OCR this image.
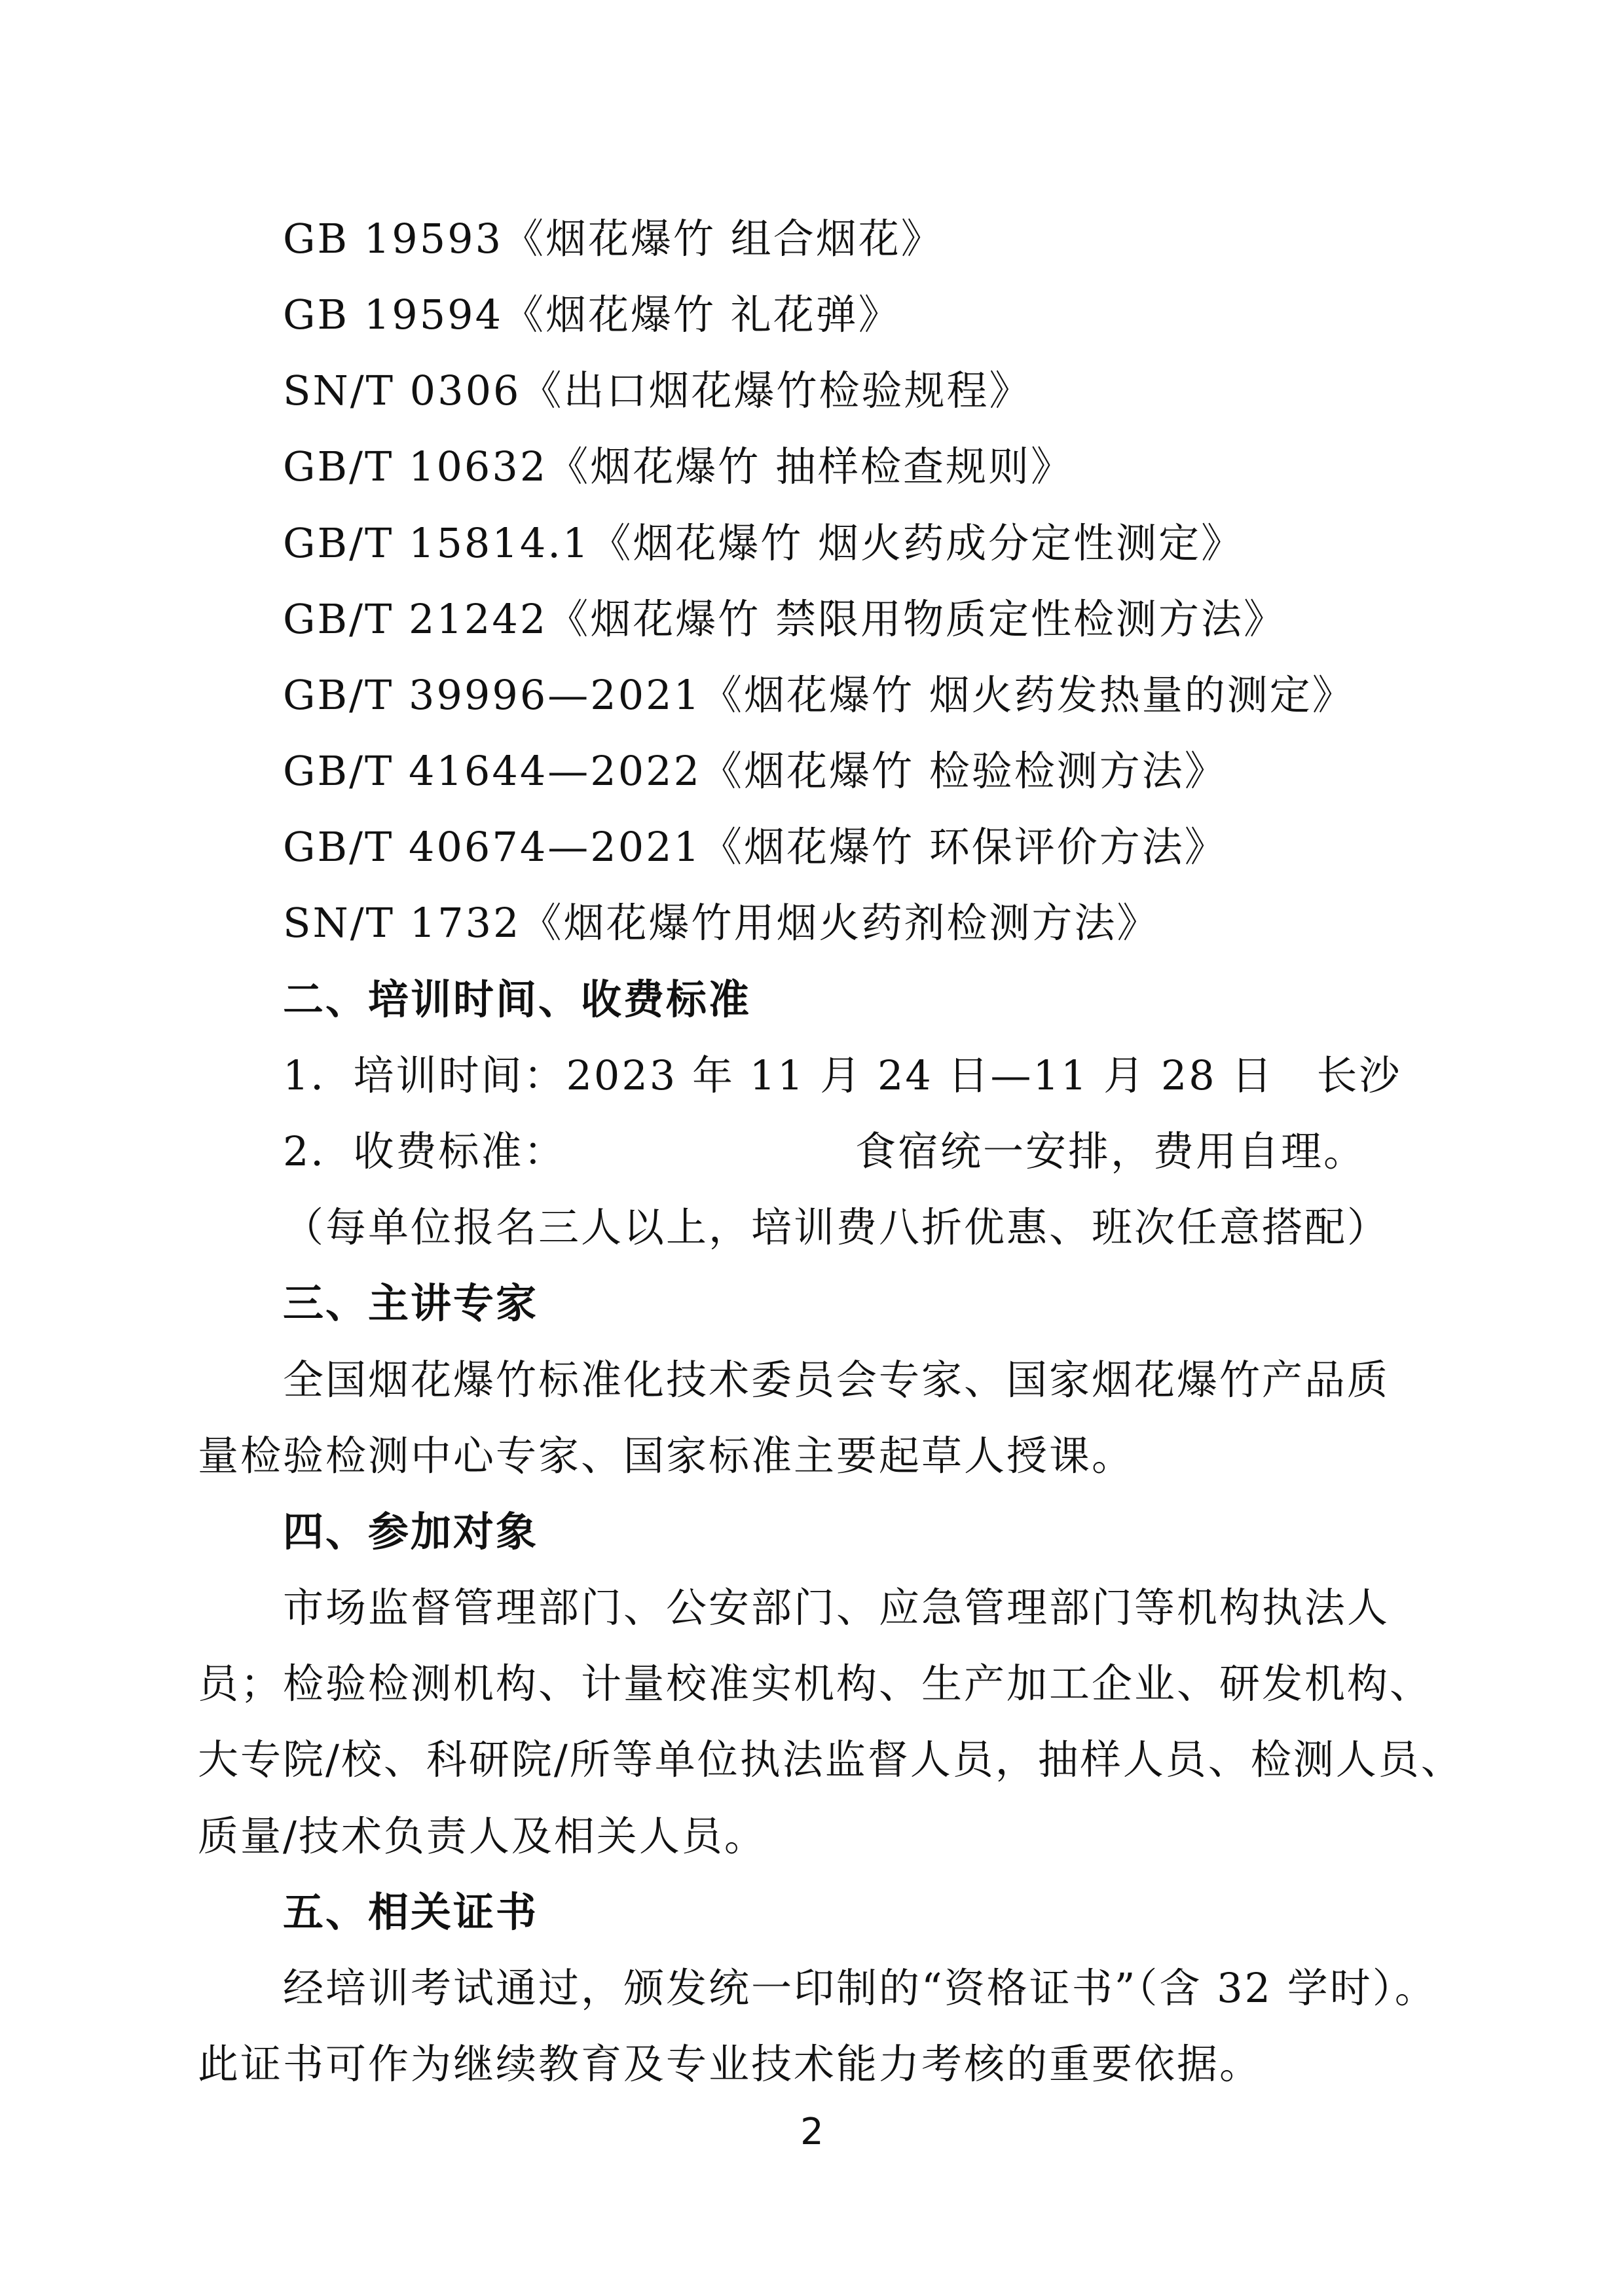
GB 19593《烟花爆竹 组合烟花》
GB 19594《烟花爆竹 礼花弹》
SN/T 0306《出口烟花爆竹检验规程》
GB/T 10632《烟花爆竹 抽样检查规则》
GB/T 15814.1《烟花爆竹 烟火药成分定性测定》
GB/T 21242《烟花爆竹 禁限用物质定性检测方法》
GB/T 39996—2021《烟花爆竹 烟火药发热量的测定》
GB/T 41644—2022《烟花爆竹 检验检测方法》
GB/T 40674—2021《烟花爆竹 环保评价方法》
SN/T 1732《烟花爆竹用烟火药剂检测方法》
二、培训时间、收费标准
1．培训时间：2023 年 11 月 24 日—11 月 28 日　长沙
2．收费标准：	食宿统一安排，费用自理。
（每单位报名三人以上，培训费八折优惠、班次任意搭配）
三、主讲专家
全国烟花爆竹标准化技术委员会专家、国家烟花爆竹产品质
量检验检测中心专家、国家标准主要起草人授课。
四、参加对象
市场监督管理部门、公安部门、应急管理部门等机构执法人
员；检验检测机构、计量校准实机构、生产加工企业、研发机构、
大专院/校、科研院/所等单位执法监督人员，抽样人员、检测人员、
质量/技术负责人及相关人员。
五、相关证书
经培训考试通过，颁发统一印制的“资格证书”（含 32 学时）。
此证书可作为继续教育及专业技术能力考核的重要依据。
2
